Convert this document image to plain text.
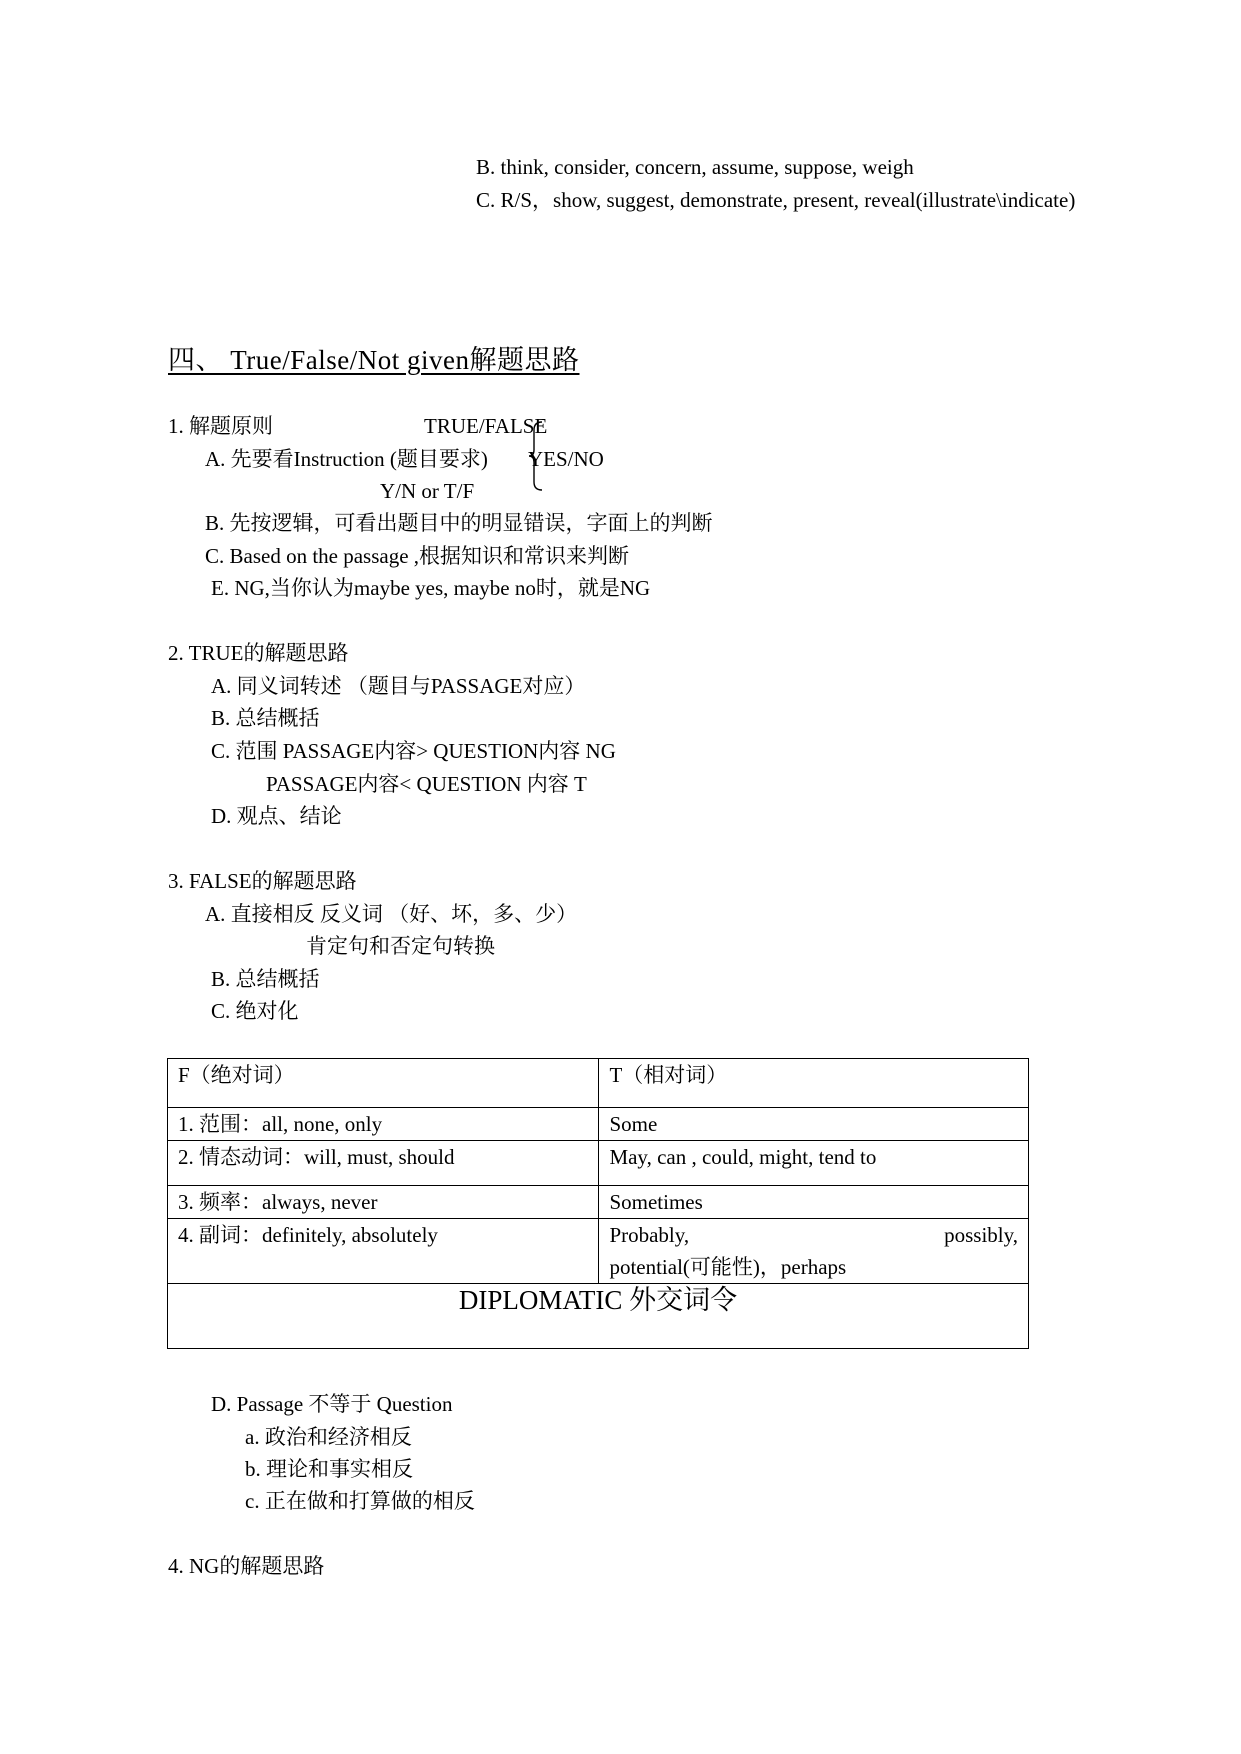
B. think, consider, concern, assume, suppose, weigh
C. R/S，show, suggest, demonstrate, present, reveal(illustrate\indicate)
四、 True/False/Not given解题思路
1. 解题原则	TRUE/FALSE
A. 先要看Instruction (题目要求) YES/NO
Y/N or T/F
B. 先按逻辑，可看出题目中的明显错误，字面上的判断
C. Based on the passage ,根据知识和常识来判断
E. NG,当你认为maybe yes, maybe no时，就是NG
2. TRUE的解题思路
A. 同义词转述 （题目与PASSAGE对应）
B. 总结概括
C. 范围 PASSAGE内容> QUESTION内容 NG
PASSAGE内容< QUESTION 内容 T
D. 观点、结论
3. FALSE的解题思路
A. 直接相反 反义词 （好、坏，多、少）
肯定句和否定句转换
B. 总结概括
C. 绝对化
F（绝对词）	T（相对词）
1. 范围：all, none, only	Some
2. 情态动词：will, must, should	May, can , could, might, tend to
3. 频率：always, never	Sometimes
4. 副词：definitely, absolutely	Probably, possibly,
potential(可能性)，perhaps

DIPLOMATIC 外交词令	
D. Passage 不等于 Question
a. 政治和经济相反
b. 理论和事实相反
c. 正在做和打算做的相反
4. NG的解题思路
